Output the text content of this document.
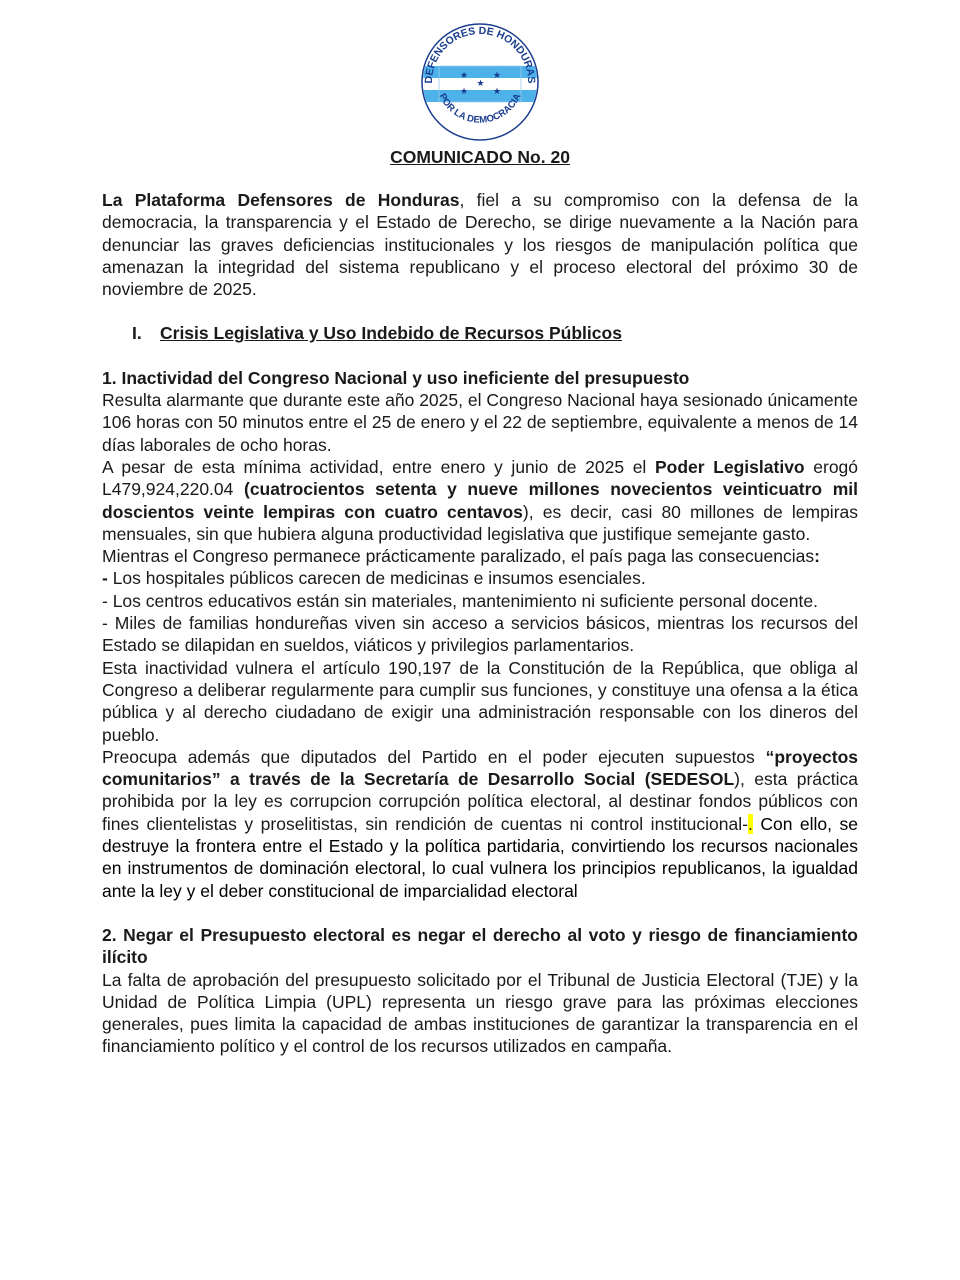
★	★
★
★	★
DEFENSORES DE HONDURAS
POR LA DEMOCRACIA
COMUNICADO No. 20

La Plataforma Defensores de Honduras, fiel a su compromiso con la defensa de la democracia, la transparencia y el Estado de Derecho, se dirige nuevamente a la Nación para denunciar las graves deficiencias institucionales y los riesgos de manipulación política que amenazan la integridad del sistema republicano y el proceso electoral del próximo 30 de noviembre de 2025.

I.	Crisis Legislativa y Uso Indebido de Recursos Públicos

1. Inactividad del Congreso Nacional y uso ineficiente del presupuesto

Resulta alarmante que durante este año 2025, el Congreso Nacional haya sesionado únicamente 106 horas con 50 minutos entre el 25 de enero y el 22 de septiembre, equivalente a menos de 14 días laborales de ocho horas.

A pesar de esta mínima actividad, entre enero y junio de 2025 el Poder Legislativo erogó L479,924,220.04 (cuatrocientos setenta y nueve millones novecientos veinticuatro mil doscientos veinte lempiras con cuatro centavos), es decir, casi 80 millones de lempiras mensuales, sin que hubiera alguna productividad legislativa que justifique semejante gasto.

Mientras el Congreso permanece prácticamente paralizado, el país paga las consecuencias:

- Los hospitales públicos carecen de medicinas e insumos esenciales.

- Los centros educativos están sin materiales, mantenimiento ni suficiente personal docente.

- Miles de familias hondureñas viven sin acceso a servicios básicos, mientras los recursos del Estado se dilapidan en sueldos, viáticos y privilegios parlamentarios.

Esta inactividad vulnera el artículo 190,197 de la Constitución de la República, que obliga al Congreso a deliberar regularmente para cumplir sus funciones, y constituye una ofensa a la ética pública y al derecho ciudadano de exigir una administración responsable con los dineros del pueblo.

Preocupa además que diputados del Partido en el poder ejecuten supuestos “proyectos comunitarios” a través de la Secretaría de Desarrollo Social (SEDESOL), esta práctica prohibida por la ley es corrupcion corrupción política electoral, al destinar fondos públicos con fines clientelistas y proselitistas, sin rendición de cuentas ni control institucional-. Con ello, se destruye la frontera entre el Estado y la política partidaria, convirtiendo los recursos nacionales en instrumentos de dominación electoral, lo cual vulnera los principios republicanos, la igualdad ante la ley y el deber constitucional de imparcialidad electoral

2. Negar el Presupuesto electoral es negar el derecho al voto y riesgo de financiamiento ilícito

La falta de aprobación del presupuesto solicitado por el Tribunal de Justicia Electoral (TJE) y la Unidad de Política Limpia (UPL) representa un riesgo grave para las próximas elecciones generales, pues limita la capacidad de ambas instituciones de garantizar la transparencia en el financiamiento político y el control de los recursos utilizados en campaña.
